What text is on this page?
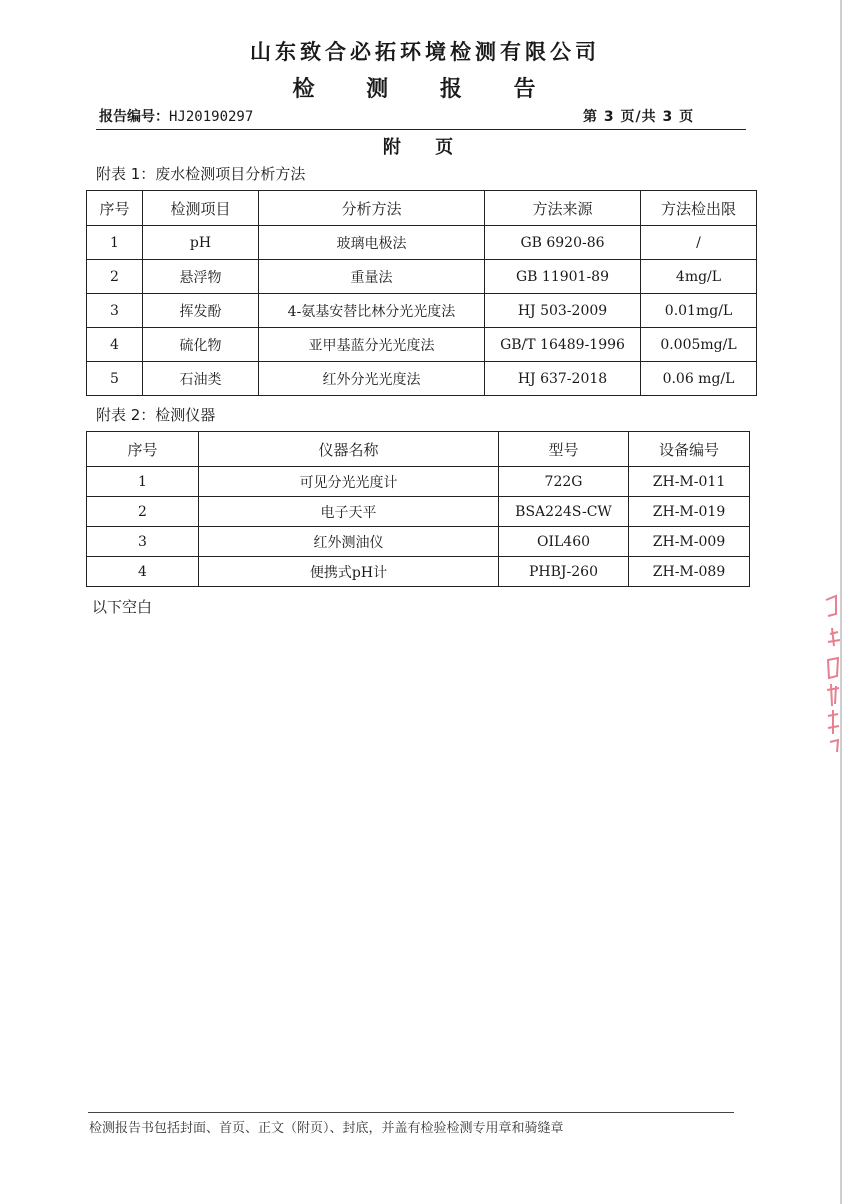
山东致合必拓环境检测有限公司
检 测 报 告
报告编号：HJ20190297	第 3 页/共 3 页
附 页
附表 1：废水检测项目分析方法
序号	检测项目	分析方法	方法来源	方法检出限
1	pH	玻璃电极法	GB 6920-86	/
2	悬浮物	重量法	GB 11901-89	4mg/L
3	挥发酚	4-氨基安替比林分光光度法	HJ 503-2009	0.01mg/L
4	硫化物	亚甲基蓝分光光度法	GB/T 16489-1996	0.005mg/L
5	石油类	红外分光光度法	HJ 637-2018	0.06 mg/L
附表 2：检测仪器
序号	仪器名称	型号	设备编号
1	可见分光光度计	722G	ZH-M-011
2	电子天平	BSA224S-CW	ZH-M-019
3	红外测油仪	OIL460	ZH-M-009
4	便携式pH计	PHBJ-260	ZH-M-089
以下空白
检测报告书包括封面、首页、正文（附页）、封底，并盖有检验检测专用章和骑缝章
